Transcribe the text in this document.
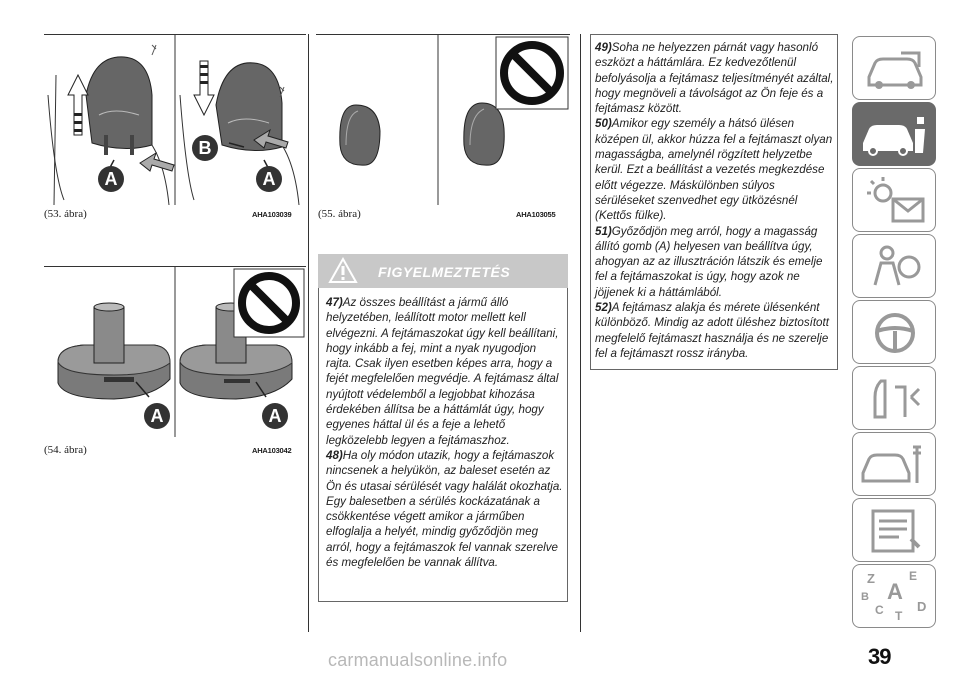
A
B
A
(53. ábra)	AHA103039
A	A
(54. ábra)	AHA103042
(55. ábra)	AHA103055
FIGYELMEZTETÉS

47)Az összes beállítást a jármű álló helyzetében, leállított motor mellett kell elvégezni. A fejtámaszokat úgy kell beállítani, hogy inkább a fej, mint a nyak nyugodjon rajta. Csak ilyen esetben képes arra, hogy a fejét megfelelően megvédje. A fejtámasz által nyújtott védelemből a legjobbat kihozása érdekében állítsa be a háttámlát úgy, hogy egyenes háttal ül és a feje a lehető legközelebb legyen a fejtámaszhoz.

48)Ha oly módon utazik, hogy a fejtámaszok nincsenek a helyükön, az baleset esetén az Ön és utasai sérülését vagy halálát okozhatja. Egy balesetben a sérülés kockázatának a csökkentése végett amikor a járműben elfoglalja a helyét, mindig győződjön meg arról, hogy a fejtámaszok fel vannak szerelve és megfelelően be vannak állítva.

49)Soha ne helyezzen párnát vagy hasonló eszközt a háttámlára. Ez kedvezőtlenül befolyásolja a fejtámasz teljesítményét azáltal, hogy megnöveli a távolságot az Ön feje és a fejtámasz között.

50)Amikor egy személy a hátsó ülésen középen ül, akkor húzza fel a fejtámaszt olyan magasságba, amelynél rögzített helyzetbe kerül. Ezt a beállítást a vezetés megkezdése előtt végezze. Máskülönben súlyos sérüléseket szenvedhet egy ütközésnél (Kettős fülke).

51)Győződjön meg arról, hogy a magasság állító gomb (A) helyesen van beállítva úgy, ahogyan az az illusztráción látszik és emelje fel a fejtámaszokat is úgy, hogy azok ne jöjjenek ki a háttámlából.

52)A fejtámasz alakja és mérete ülésenként különböző. Mindig az adott üléshez biztosított megfelelő fejtámaszt használja és ne szerelje fel a fejtámaszt rossz irányba.

Z	E
A
B
D
C T
39
carmanualsonline.info
